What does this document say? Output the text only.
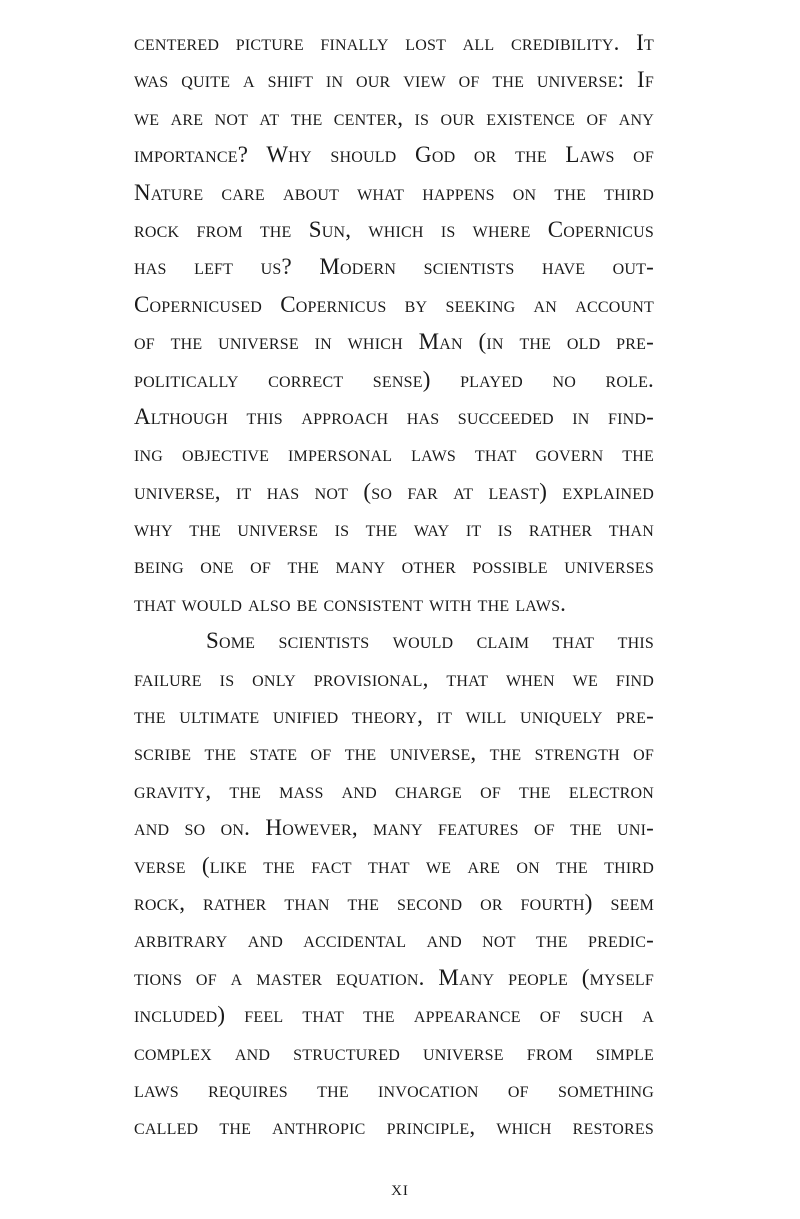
centered picture finally lost all credibility. It
was quite a shift in our view of the universe: If
we are not at the center, is our existence of any
importance? Why should God or the Laws of
Nature care about what happens on the third
rock from the Sun, which is where Copernicus
has left us? Modern scientists have out-
Copernicused Copernicus by seeking an account
of the universe in which Man (in the old pre-
politically correct sense) played no role.
Although this approach has succeeded in find-
ing objective impersonal laws that govern the
universe, it has not (so far at least) explained
why the universe is the way it is rather than
being one of the many other possible universes
that would also be consistent with the laws.
Some scientists would claim that this
failure is only provisional, that when we find
the ultimate unified theory, it will uniquely pre-
scribe the state of the universe, the strength of
gravity, the mass and charge of the electron
and so on. However, many features of the uni-
verse (like the fact that we are on the third
rock, rather than the second or fourth) seem
arbitrary and accidental and not the predic-
tions of a master equation. Many people (myself
included) feel that the appearance of such a
complex and structured universe from simple
laws requires the invocation of something
called the anthropic principle, which restores
xi
